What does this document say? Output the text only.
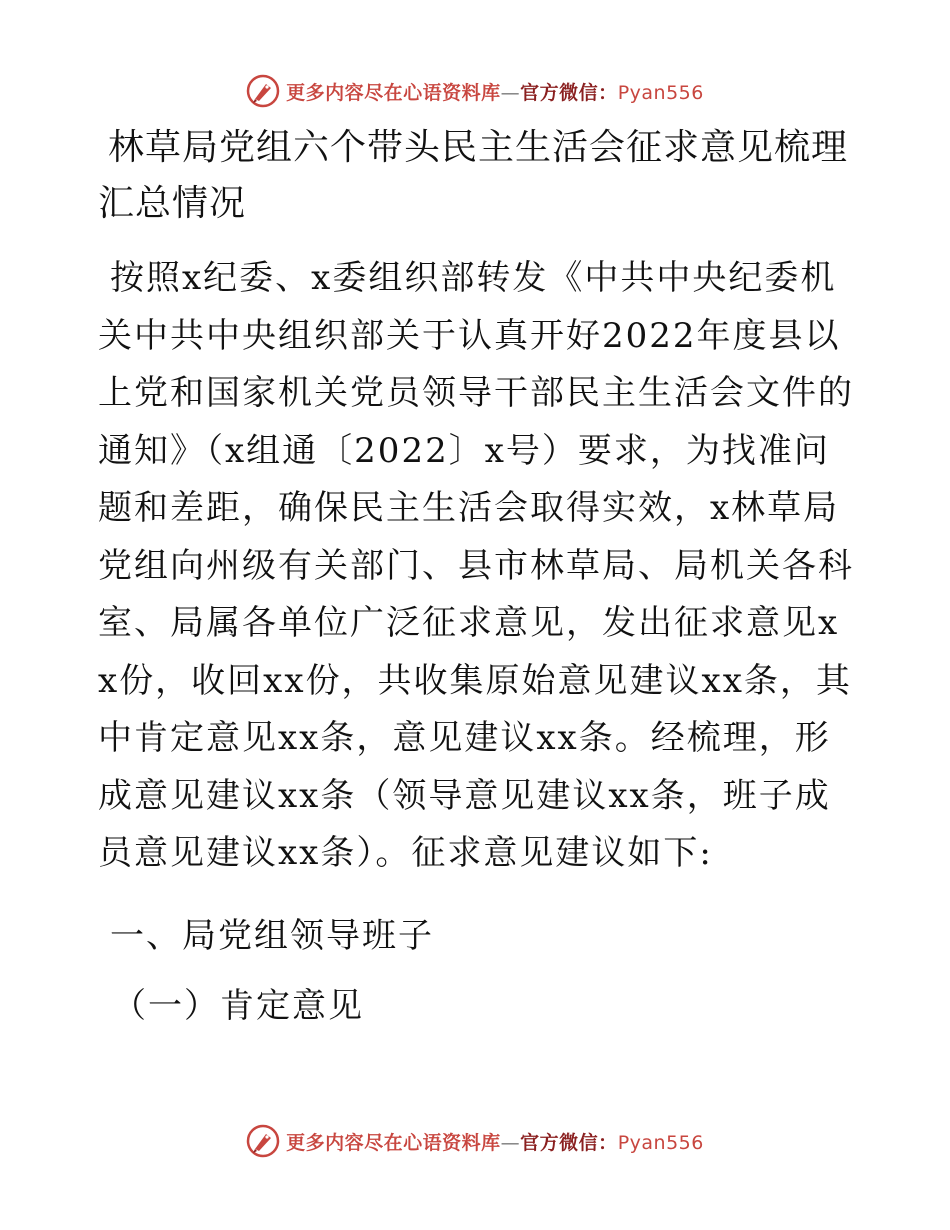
更多内容尽在心语资料库—官方微信：Pyan556
林草局党组六个带头民主生活会征求意见梳理汇总情况

按照x纪委、x委组织部转发《中共中央纪委机关中共中央组织部关于认真开好2022年度县以上党和国家机关党员领导干部民主生活会文件的通知》（x组通〔2022〕x号）要求，为找准问题和差距，确保民主生活会取得实效，x林草局党组向州级有关部门、县市林草局、局机关各科室、局属各单位广泛征求意见，发出征求意见xx份，收回xx份，共收集原始意见建议xx条，其中肯定意见xx条，意见建议xx条。经梳理，形成意见建议xx条（领导意见建议xx条，班子成员意见建议xx条）。征求意见建议如下:

一、局党组领导班子
（一）肯定意见
更多内容尽在心语资料库—官方微信：Pyan556
